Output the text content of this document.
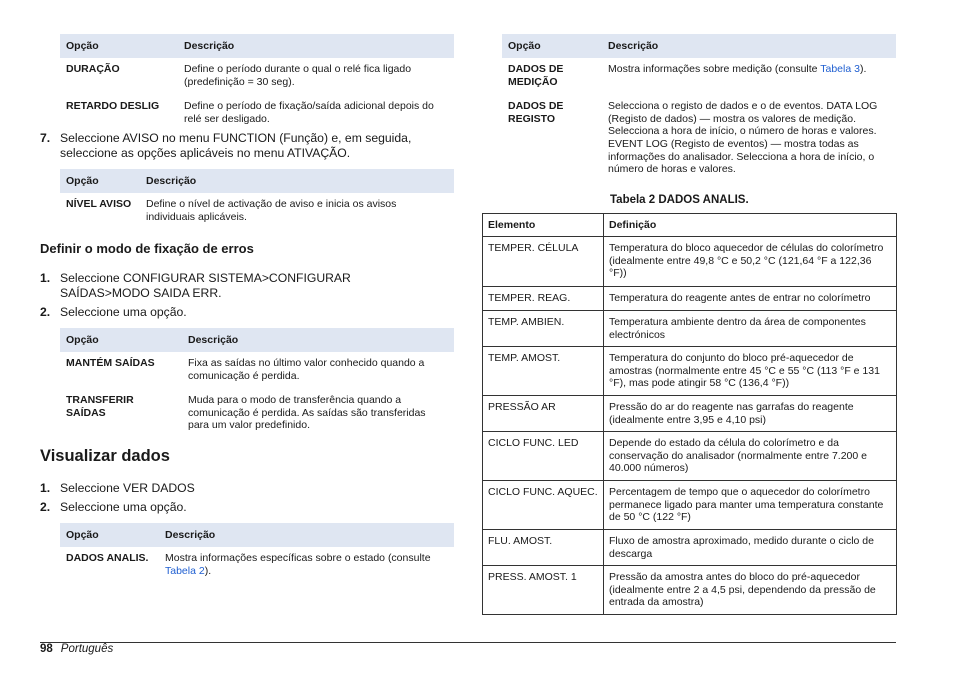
Opção	Descrição
DURAÇÃO	Define o período durante o qual o relé fica ligado (predefinição = 30 seg).
RETARDO DESLIG	Define o período de fixação/saída adicional depois do relé ser desligado.
7. Seleccione AVISO no menu FUNCTION (Função) e, em seguida, seleccione as opções aplicáveis no menu ATIVAÇÃO.
Opção	Descrição
NÍVEL AVISO	Define o nível de activação de aviso e inicia os avisos individuais aplicáveis.
Definir o modo de fixação de erros
1. Seleccione CONFIGURAR SISTEMA>CONFIGURAR SAÍDAS>MODO SAIDA ERR.
2. Seleccione uma opção.
Opção	Descrição
MANTÉM SAÍDAS	Fixa as saídas no último valor conhecido quando a comunicação é perdida.
TRANSFERIR SAÍDAS	Muda para o modo de transferência quando a comunicação é perdida. As saídas são transferidas para um valor predefinido.
Visualizar dados
1. Seleccione VER DADOS
2. Seleccione uma opção.
Opção	Descrição
DADOS ANALIS.	Mostra informações específicas sobre o estado (consulte Tabela 2).
Opção	Descrição
DADOS DE MEDIÇÃO	Mostra informações sobre medição (consulte Tabela 3).
DADOS DE REGISTO	Selecciona o registo de dados e o de eventos. DATA LOG (Registo de dados) — mostra os valores de medição. Selecciona a hora de início, o número de horas e valores. EVENT LOG (Registo de eventos) — mostra todas as informações do analisador. Selecciona a hora de início, o número de horas e valores.
Tabela 2 DADOS ANALIS.
Elemento	Definição
TEMPER. CÉLULA	Temperatura do bloco aquecedor de células do colorímetro (idealmente entre 49,8 °C e 50,2 °C (121,64 °F a 122,36 °F))
TEMPER. REAG.	Temperatura do reagente antes de entrar no colorímetro
TEMP. AMBIEN.	Temperatura ambiente dentro da área de componentes electrónicos
TEMP. AMOST.	Temperatura do conjunto do bloco pré-aquecedor de amostras (normalmente entre 45 °C e 55 °C (113 °F e 131 °F), mas pode atingir 58 °C (136,4 °F))
PRESSÃO AR	Pressão do ar do reagente nas garrafas do reagente (idealmente entre 3,95 e 4,10 psi)
CICLO FUNC. LED	Depende do estado da célula do colorímetro e da conservação do analisador (normalmente entre 7.200 e 40.000 números)
CICLO FUNC. AQUEC.	Percentagem de tempo que o aquecedor do colorímetro permanece ligado para manter uma temperatura constante de 50 °C (122 °F)
FLU. AMOST.	Fluxo de amostra aproximado, medido durante o ciclo de descarga
PRESS. AMOST. 1	Pressão da amostra antes do bloco do pré-aquecedor (idealmente entre 2 a 4,5 psi, dependendo da pressão de entrada da amostra)
98 Português
